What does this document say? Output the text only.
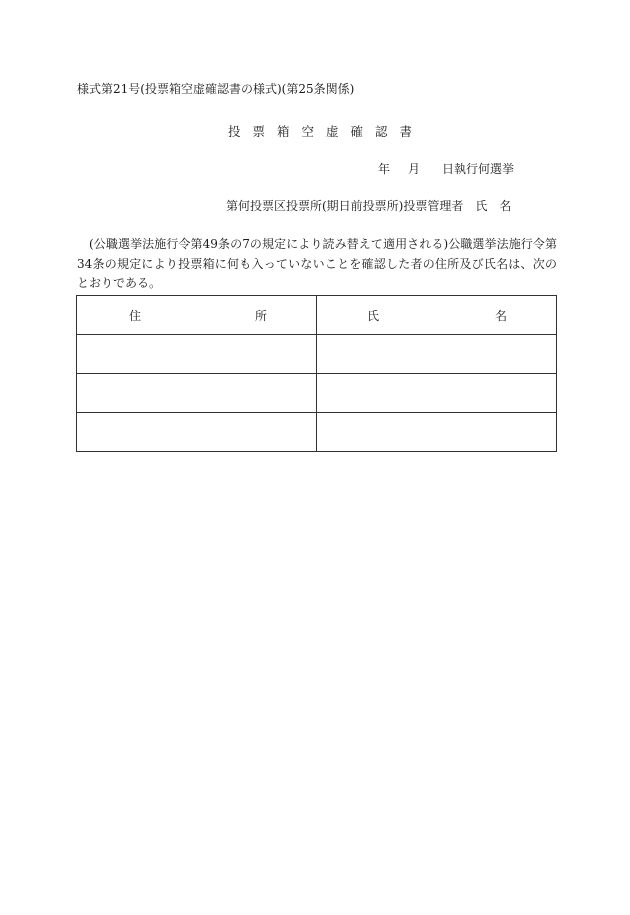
様式第21号(投票箱空虚確認書の様式)(第25条関係)
投票箱空虚確認書
年 月 日執行何選挙
第何投票区投票所(期日前投票所)投票管理者 氏 名
(公職選挙法施行令第49条の7の規定により読み替えて適用される)公職選挙法施行令第34条の規定により投票箱に何も入っていないことを確認した者の住所及び氏名は、次のとおりである。
住 所	氏 名
